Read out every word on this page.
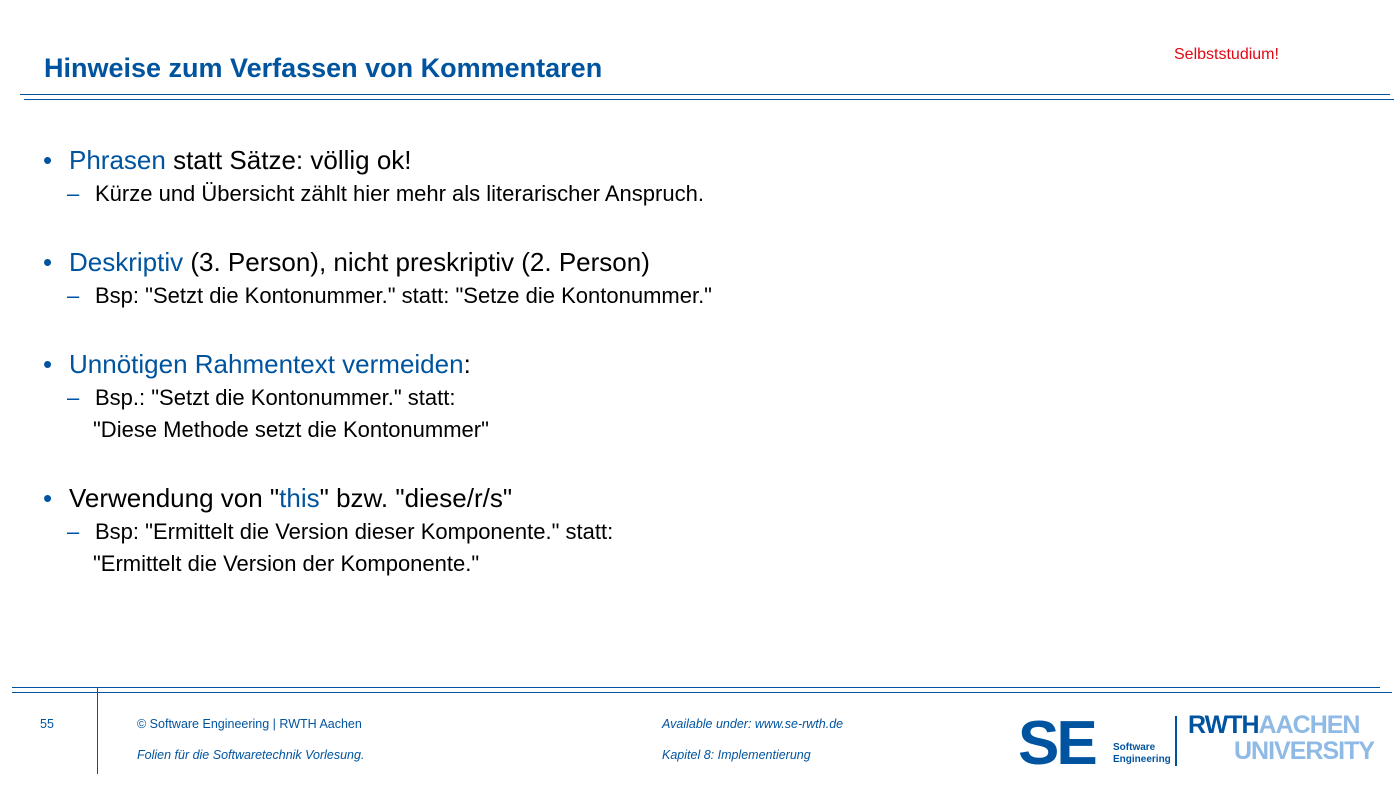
Hinweise zum Verfassen von Kommentaren	Selbststudium!
• Phrasen statt Sätze: völlig ok!
– Kürze und Übersicht zählt hier mehr als literarischer Anspruch.
• Deskriptiv (3. Person), nicht preskriptiv (2. Person)
– Bsp: "Setzt die Kontonummer." statt: "Setze die Kontonummer."
• Unnötigen Rahmentext vermeiden:
– Bsp.: "Setzt die Kontonummer." statt:
"Diese Methode setzt die Kontonummer"
• Verwendung von "this" bzw. "diese/r/s"
– Bsp: "Ermittelt die Version dieser Komponente." statt:
"Ermittelt die Version der Komponente."
55	© Software Engineering | RWTH Aachen
Folien für die Softwaretechnik Vorlesung.
Available under: www.se-rwth.de
Kapitel 8: Implementierung	SE Software
Engineering
RWTHAACHEN
UNIVERSITY
